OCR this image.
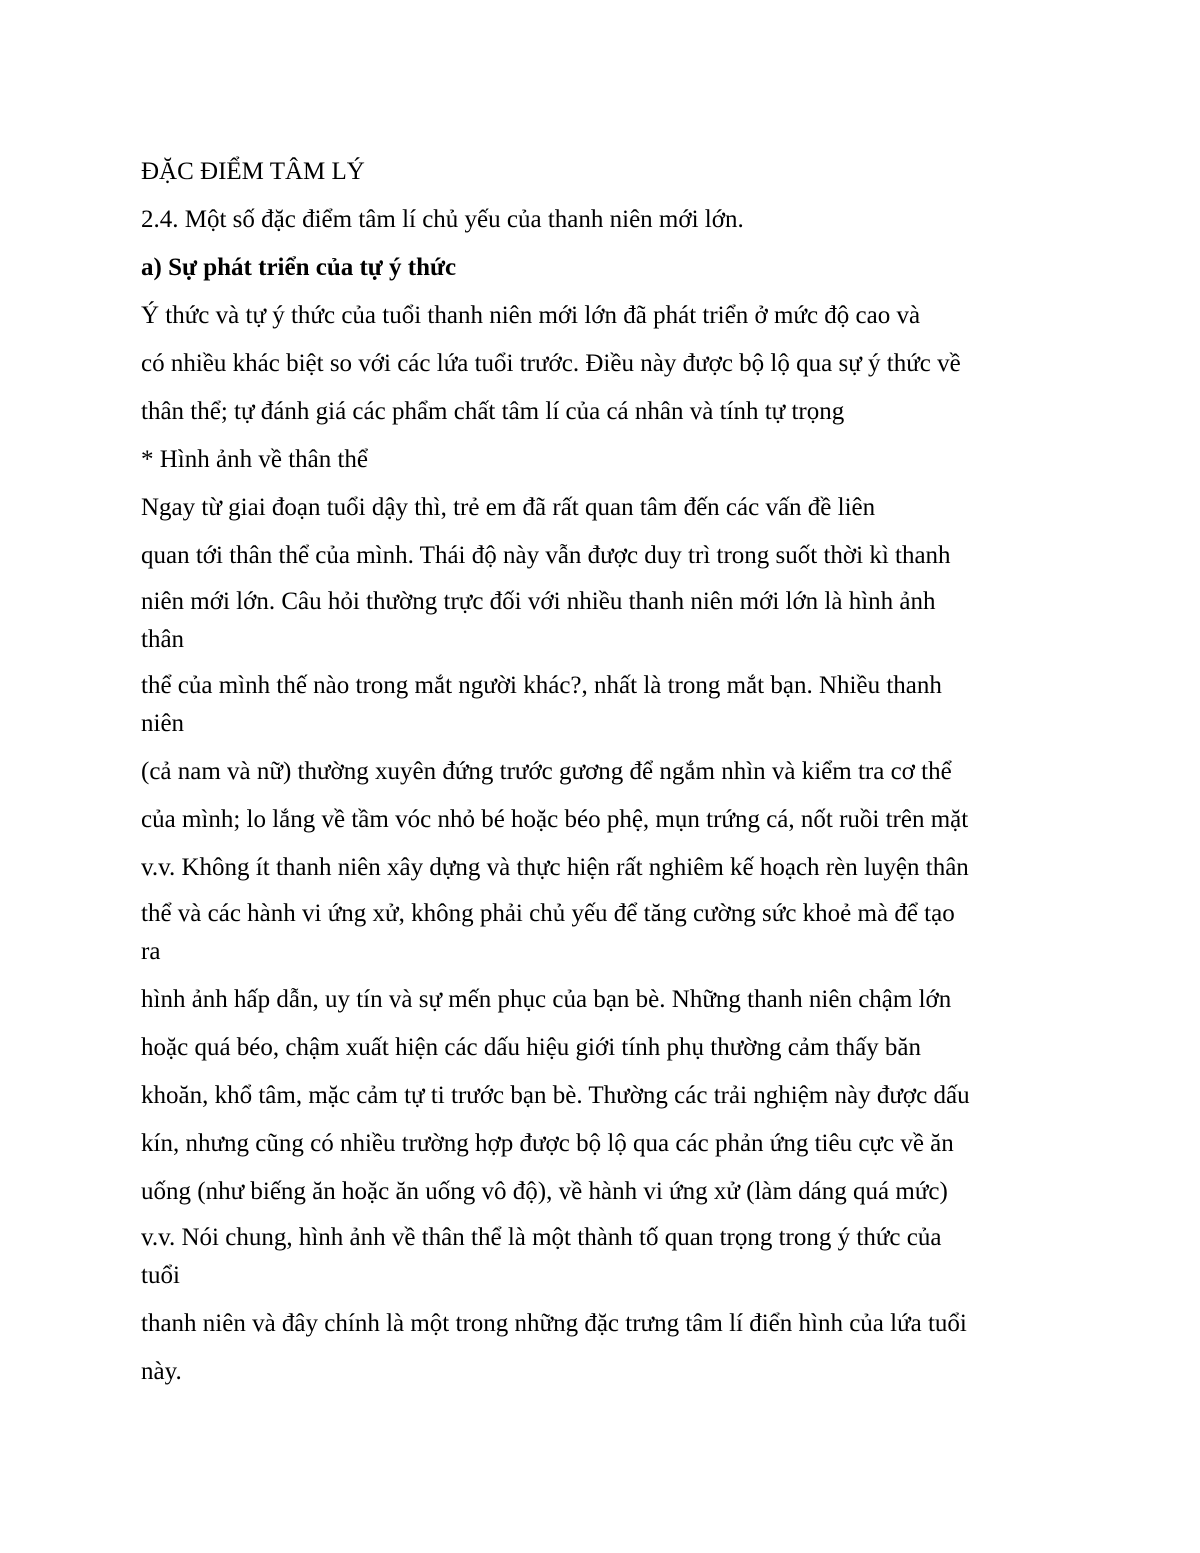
ĐẶC ĐIỂM TÂM LÝ
2.4. Một số đặc điểm tâm lí chủ yếu của thanh niên mới lớn.
a) Sự phát triển của tự ý thức
Ý thức và tự ý thức của tuổi thanh niên mới lớn đã phát triển ở mức độ cao và
có nhiều khác biệt so với các lứa tuổi trước. Điều này được bộ lộ qua sự ý thức về
thân thể; tự đánh giá các phẩm chất tâm lí của cá nhân và tính tự trọng
* Hình ảnh về thân thể
Ngay từ giai đoạn tuổi dậy thì, trẻ em đã rất quan tâm đến các vấn đề liên
quan tới thân thể của mình. Thái độ này vẫn được duy trì trong suốt thời kì thanh
niên mới lớn. Câu hỏi thường trực đối với nhiều thanh niên mới lớn là hình ảnh
thân
thể của mình thế nào trong mắt người khác?, nhất là trong mắt bạn. Nhiều thanh
niên
(cả nam và nữ) thường xuyên đứng trước gương để ngắm nhìn và kiểm tra cơ thể
của mình; lo lắng về tầm vóc nhỏ bé hoặc béo phệ, mụn trứng cá, nốt ruồi trên mặt
v.v. Không ít thanh niên xây dựng và thực hiện rất nghiêm kế hoạch rèn luyện thân
thể và các hành vi ứng xử, không phải chủ yếu để tăng cường sức khoẻ mà để tạo
ra
hình ảnh hấp dẫn, uy tín và sự mến phục của bạn bè. Những thanh niên chậm lớn
hoặc quá béo, chậm xuất hiện các dấu hiệu giới tính phụ thường cảm thấy băn
khoăn, khổ tâm, mặc cảm tự ti trước bạn bè. Thường các trải nghiệm này được dấu
kín, nhưng cũng có nhiều trường hợp được bộ lộ qua các phản ứng tiêu cực về ăn
uống (như biếng ăn hoặc ăn uống vô độ), về hành vi ứng xử (làm dáng quá mức)
v.v. Nói chung, hình ảnh về thân thể là một thành tố quan trọng trong ý thức của
tuổi
thanh niên và đây chính là một trong những đặc trưng tâm lí điển hình của lứa tuổi
này.
